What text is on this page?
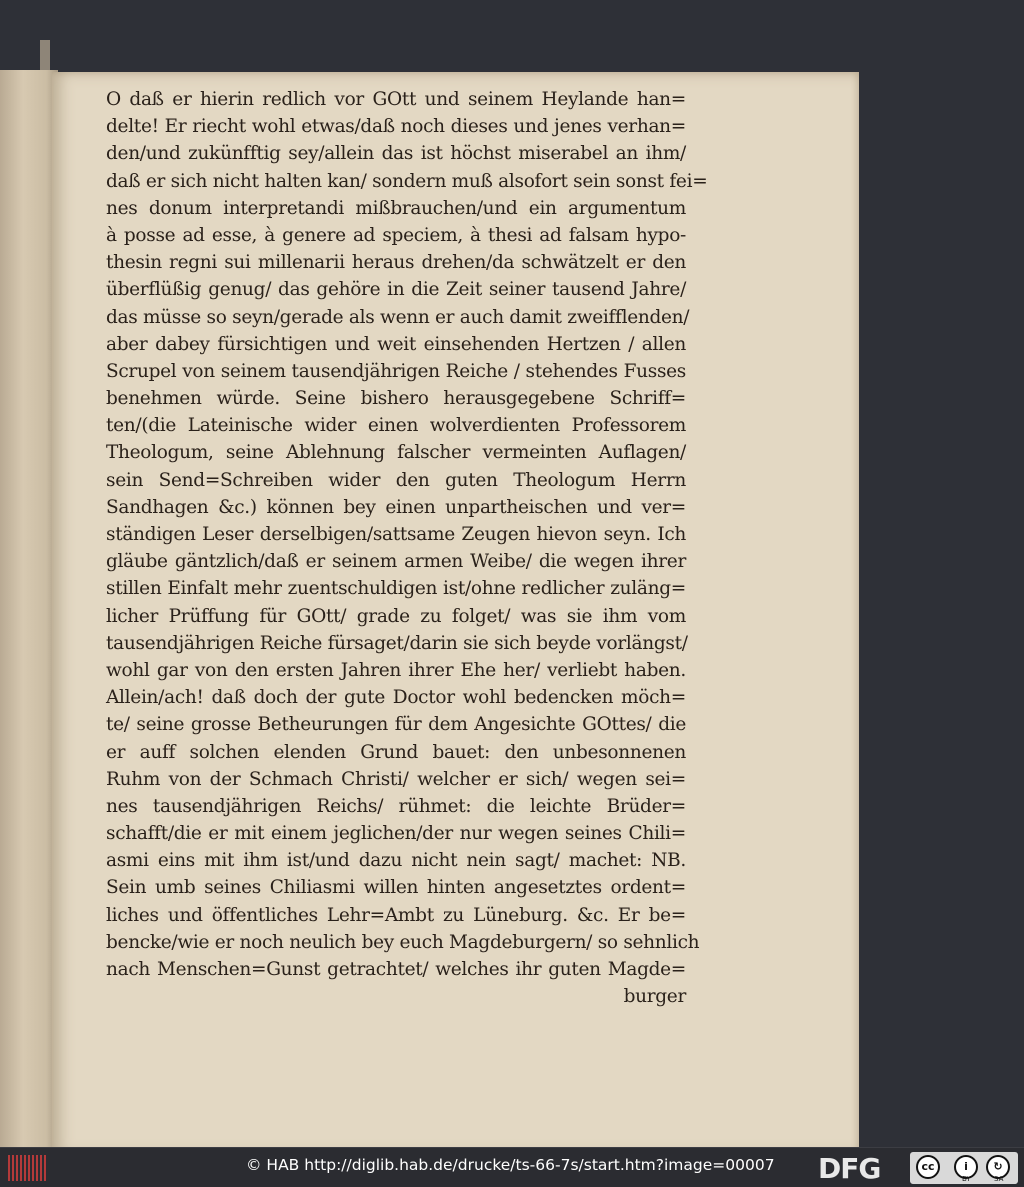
O daß er hierin redlich vor GOtt und seinem Heylande han=
delte! Er riecht wohl etwas/daß noch dieses und jenes verhan=
den/und zukünfftig sey/allein das ist höchst miserabel an ihm/
daß er sich nicht halten kan/ sondern muß alsofort sein sonst fei=
nes donum interpretandi mißbrauchen/und ein argumentum
à posse ad esse, à genere ad speciem, à thesi ad falsam hypo-
thesin regni sui millenarii heraus drehen/da schwätzelt er den
überflüßig genug/ das gehöre in die Zeit seiner tausend Jahre/
das müsse so seyn/gerade als wenn er auch damit zweifflenden/
aber dabey fürsichtigen und weit einsehenden Hertzen / allen
Scrupel von seinem tausendjährigen Reiche / stehendes Fusses
benehmen würde. Seine bishero herausgegebene Schriff=
ten/(die Lateinische wider einen wolverdienten Professorem
Theologum, seine Ablehnung falscher vermeinten Auflagen/
sein Send=Schreiben wider den guten Theologum Herrn
Sandhagen &c.) können bey einen unpartheischen und ver=
ständigen Leser derselbigen/sattsame Zeugen hievon seyn. Ich
gläube gäntzlich/daß er seinem armen Weibe/ die wegen ihrer
stillen Einfalt mehr zuentschuldigen ist/ohne redlicher zuläng=
licher Prüffung für GOtt/ grade zu folget/ was sie ihm vom
tausendjährigen Reiche fürsaget/darin sie sich beyde vorlängst/
wohl gar von den ersten Jahren ihrer Ehe her/ verliebt haben.
Allein/ach! daß doch der gute Doctor wohl bedencken möch=
te/ seine grosse Betheurungen für dem Angesichte GOttes/ die
er auff solchen elenden Grund bauet: den unbesonnenen
Ruhm von der Schmach Christi/ welcher er sich/ wegen sei=
nes tausendjährigen Reichs/ rühmet: die leichte Brüder=
schafft/die er mit einem jeglichen/der nur wegen seines Chili=
asmi eins mit ihm ist/und dazu nicht nein sagt/ machet: NB.
Sein umb seines Chiliasmi willen hinten angesetztes ordent=
liches und öffentliches Lehr=Ambt zu Lüneburg. &c. Er be=
bencke/wie er noch neulich bey euch Magdeburgern/ so sehnlich
nach Menschen=Gunst getrachtet/ welches ihr guten Magde=
burger
© HAB http://diglib.hab.de/drucke/ts-66-7s/start.htm?image=00007 DFG	cc	i
BY
↻
SA
